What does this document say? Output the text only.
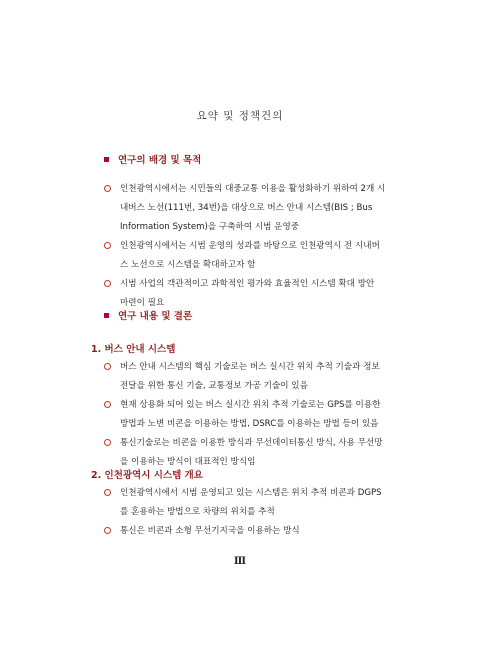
요약 및 정책건의
연구의 배경 및 목적
인천광역시에서는 시민들의 대중교통 이용을 활성화하기 위하여 2개 시
내버스 노선(111번, 34번)을 대상으로 버스 안내 시스템(BIS ; Bus
Information System)을 구축하여 시범 운영중
인천광역시에서는 시범 운영의 성과를 바탕으로 인천광역시 전 시내버
스 노선으로 시스템을 확대하고자 함
시범 사업의 객관적이고 과학적인 평가와 효율적인 시스템 확대 방안
마련이 필요
연구 내용 및 결론
1. 버스 안내 시스템
버스 안내 시스템의 핵심 기술로는 버스 실시간 위치 추적 기술과 정보
전달을 위한 통신 기술, 교통정보 가공 기술이 있음
현재 상용화 되어 있는 버스 실시간 위치 추적 기술로는 GPS를 이용한
방법과 노변 비콘을 이용하는 방법, DSRC를 이용하는 방법 등이 있음
통신기술로는 비콘을 이용한 방식과 무선데이터통신 방식, 사용 무선망
을 이용하는 방식이 대표적인 방식임
2. 인천광역시 시스템 개요
인천광역시에서 시범 운영되고 있는 시스템은 위치 추적 비콘과 DGPS
를 혼용하는 방법으로 차량의 위치를 추적
통신은 비콘과 소형 무선기지국을 이용하는 방식
Ⅲ
